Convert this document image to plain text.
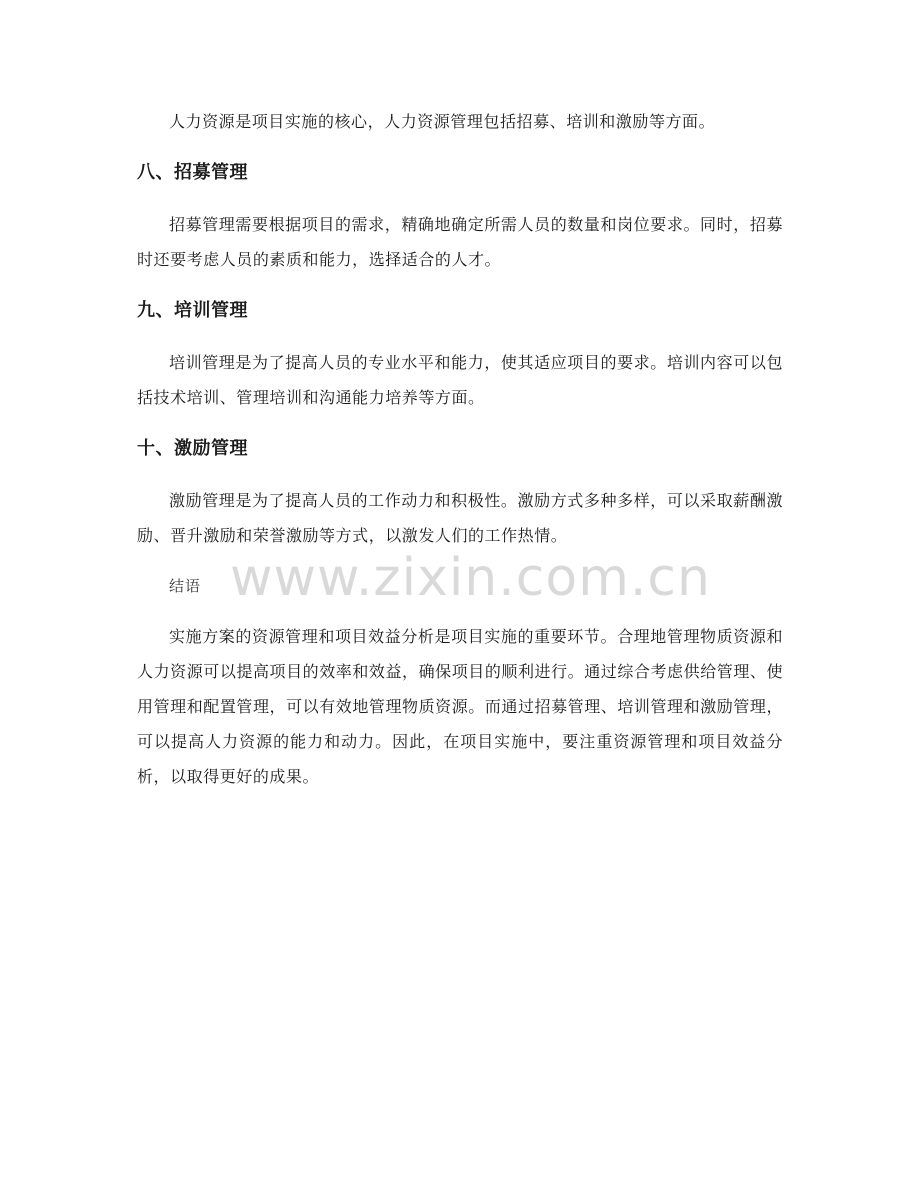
人力资源是项目实施的核心，人力资源管理包括招募、培训和激励等方面。

八、招募管理

招募管理需要根据项目的需求，精确地确定所需人员的数量和岗位要求。同时，招募时还要考虑人员的素质和能力，选择适合的人才。

九、培训管理

培训管理是为了提高人员的专业水平和能力，使其适应项目的要求。培训内容可以包括技术培训、管理培训和沟通能力培养等方面。

十、激励管理

激励管理是为了提高人员的工作动力和积极性。激励方式多种多样，可以采取薪酬激励、晋升激励和荣誉激励等方式，以激发人们的工作热情。

结语

实施方案的资源管理和项目效益分析是项目实施的重要环节。合理地管理物质资源和人力资源可以提高项目的效率和效益，确保项目的顺利进行。通过综合考虑供给管理、使用管理和配置管理，可以有效地管理物质资源。而通过招募管理、培训管理和激励管理，可以提高人力资源的能力和动力。因此，在项目实施中，要注重资源管理和项目效益分析，以取得更好的成果。

www.zixin.com.cn
